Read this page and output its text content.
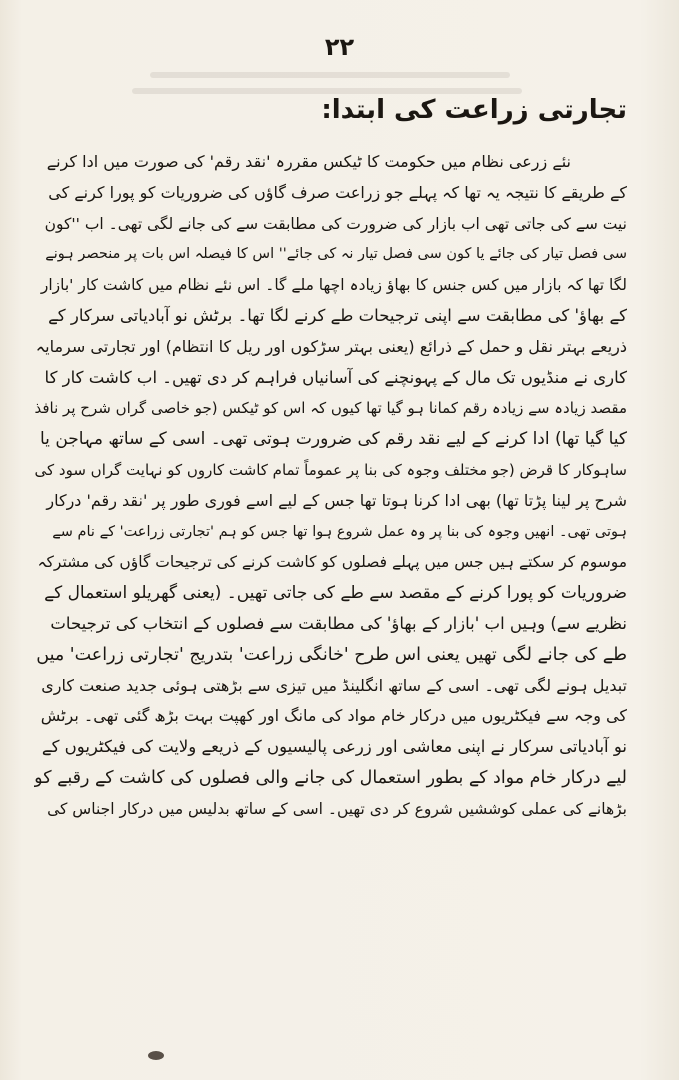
۲۲
تجارتی زراعت کی ابتدا:
نئے زرعی نظام میں حکومت کا ٹیکس مقررہ 'نقد رقم' کی صورت میں ادا کرنے
کے طریقے کا نتیجہ یہ تھا کہ پہلے جو زراعت صرف گاؤں کی ضروریات کو پورا کرنے کی
نیت سے کی جاتی تھی اب بازار کی ضرورت کی مطابقت سے کی جانے لگی تھی۔ اب ''کون
سی فصل تیار کی جائے یا کون سی فصل تیار نہ کی جائے'' اس کا فیصلہ اس بات پر منحصر ہونے
لگا تھا کہ بازار میں کس جنس کا بھاؤ زیادہ اچھا ملے گا۔ اس نئے نظام میں کاشت کار 'بازار
کے بھاؤ' کی مطابقت سے اپنی ترجیحات طے کرنے لگا تھا۔ برٹش نو آبادیاتی سرکار کے
ذریعے بہتر نقل و حمل کے ذرائع (یعنی بہتر سڑکوں اور ریل کا انتظام) اور تجارتی سرمایہ
کاری نے منڈیوں تک مال کے پہونچنے کی آسانیاں فراہم کر دی تھیں۔ اب کاشت کار کا
مقصد زیادہ سے زیادہ رقم کمانا ہو گیا تھا کیوں کہ اس کو ٹیکس (جو خاصی گراں شرح پر نافذ
کیا گیا تھا) ادا کرنے کے لیے نقد رقم کی ضرورت ہوتی تھی۔ اسی کے ساتھ مہاجن یا
ساہوکار کا قرض (جو مختلف وجوہ کی بنا پر عموماً تمام کاشت کاروں کو نہایت گراں سود کی
شرح پر لینا پڑتا تھا) بھی ادا کرنا ہوتا تھا جس کے لیے اسے فوری طور پر 'نقد رقم' درکار
ہوتی تھی۔ انھیں وجوہ کی بنا پر وہ عمل شروع ہوا تھا جس کو ہم 'تجارتی زراعت' کے نام سے
موسوم کر سکتے ہیں جس میں پہلے فصلوں کو کاشت کرنے کی ترجیحات گاؤں کی مشترکہ
ضروریات کو پورا کرنے کے مقصد سے طے کی جاتی تھیں۔ (یعنی گھریلو استعمال کے
نظریے سے) وہیں اب 'بازار کے بھاؤ' کی مطابقت سے فصلوں کے انتخاب کی ترجیحات
طے کی جانے لگی تھیں یعنی اس طرح 'خانگی زراعت' بتدریج 'تجارتی زراعت' میں
تبدیل ہونے لگی تھی۔ اسی کے ساتھ انگلینڈ میں تیزی سے بڑھتی ہوئی جدید صنعت کاری
کی وجہ سے فیکٹریوں میں درکار خام مواد کی مانگ اور کھپت بہت بڑھ گئی تھی۔ برٹش
نو آبادیاتی سرکار نے اپنی معاشی اور زرعی پالیسیوں کے ذریعے ولایت کی فیکٹریوں کے
لیے درکار خام مواد کے بطور استعمال کی جانے والی فصلوں کی کاشت کے رقبے کو
بڑھانے کی عملی کوششیں شروع کر دی تھیں۔ اسی کے ساتھ بدلیس میں درکار اجناس کی
